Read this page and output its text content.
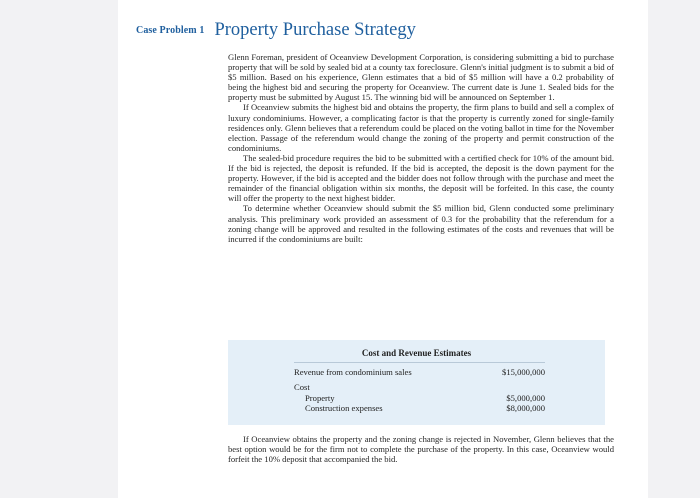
Case Problem 1 Property Purchase Strategy

Glenn Foreman, president of Oceanview Development Corporation, is considering submitting a bid to purchase property that will be sold by sealed bid at a county tax foreclosure. Glenn's initial judgment is to submit a bid of $5 million. Based on his experience, Glenn estimates that a bid of $5 million will have a 0.2 probability of being the highest bid and securing the property for Oceanview. The current date is June 1. Sealed bids for the property must be submitted by August 15. The winning bid will be announced on September 1.

If Oceanview submits the highest bid and obtains the property, the firm plans to build and sell a complex of luxury condominiums. However, a complicating factor is that the property is currently zoned for single-family residences only. Glenn believes that a referendum could be placed on the voting ballot in time for the November election. Passage of the referendum would change the zoning of the property and permit construction of the condominiums.

The sealed-bid procedure requires the bid to be submitted with a certified check for 10% of the amount bid. If the bid is rejected, the deposit is refunded. If the bid is accepted, the deposit is the down payment for the property. However, if the bid is accepted and the bidder does not follow through with the purchase and meet the remainder of the financial obligation within six months, the deposit will be forfeited. In this case, the county will offer the property to the next highest bidder.

To determine whether Oceanview should submit the $5 million bid, Glenn conducted some preliminary analysis. This preliminary work provided an assessment of 0.3 for the probability that the referendum for a zoning change will be approved and resulted in the following estimates of the costs and revenues that will be incurred if the condominiums are built:

Cost and Revenue Estimates
Revenue from condominium sales	$15,000,000
Cost
Property	$5,000,000
Construction expenses	$8,000,000

If Oceanview obtains the property and the zoning change is rejected in November, Glenn believes that the best option would be for the firm not to complete the purchase of the property. In this case, Oceanview would forfeit the 10% deposit that accompanied the bid.
